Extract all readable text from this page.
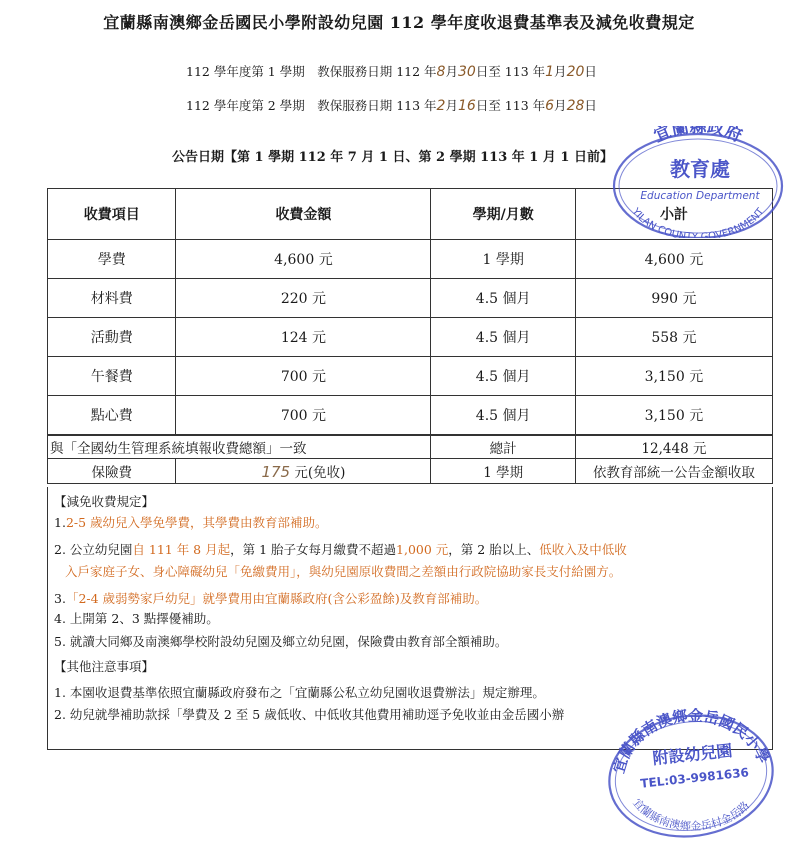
宜蘭縣南澳鄉金岳國民小學附設幼兒園 112 學年度收退費基準表及減免收費規定
112 學年度第 1 學期　教保服務日期 112 年8月30日至 113 年1月20日
112 學年度第 2 學期　教保服務日期 113 年2月16日至 113 年6月28日
公告日期【第 1 學期 112 年 7 月 1 日、第 2 學期 113 年 1 月 1 日前】
收費項目	收費金額	學期/月數	小計
學費	4,600 元	1 學期	4,600 元
材料費	220 元	4.5 個月	990 元
活動費	124 元	4.5 個月	558 元
午餐費	700 元	4.5 個月	3,150 元
點心費	700 元	4.5 個月	3,150 元
與「全國幼生管理系統填報收費總額」一致		總計	12,448 元
保險費	175 元(免收)	1 學期	依教育部統一公告金額收取
【減免收費規定】
1.2-5 歲幼兒入學免學費，其學費由教育部補助。
2. 公立幼兒園自 111 年 8 月起，第 1 胎子女每月繳費不超過1,000 元，第 2 胎以上、低收入及中低收
入戶家庭子女、身心障礙幼兒「免繳費用」，與幼兒園原收費間之差額由行政院協助家長支付給園方。
3.「2-4 歲弱勢家戶幼兒」就學費用由宜蘭縣政府(含公彩盈餘)及教育部補助。
4. 上開第 2、3 點擇優補助。
5. 就讀大同鄉及南澳鄉學校附設幼兒園及鄉立幼兒園，保險費由教育部全額補助。
【其他注意事項】
1. 本園收退費基準依照宜蘭縣政府發布之「宜蘭縣公私立幼兒園收退費辦法」規定辦理。
2. 幼兒就學補助款採「學費及 2 至 5 歲低收、中低收其他費用補助逕予免收並由金岳國小辦
宜蘭縣政府
教育處
Education Department
YILAN COUNTY GOVERNMENT
宜蘭縣南澳鄉金岳國民小學
附設幼兒園
TEL:03-9981636
宜蘭縣南澳鄉金岳村金岳路
